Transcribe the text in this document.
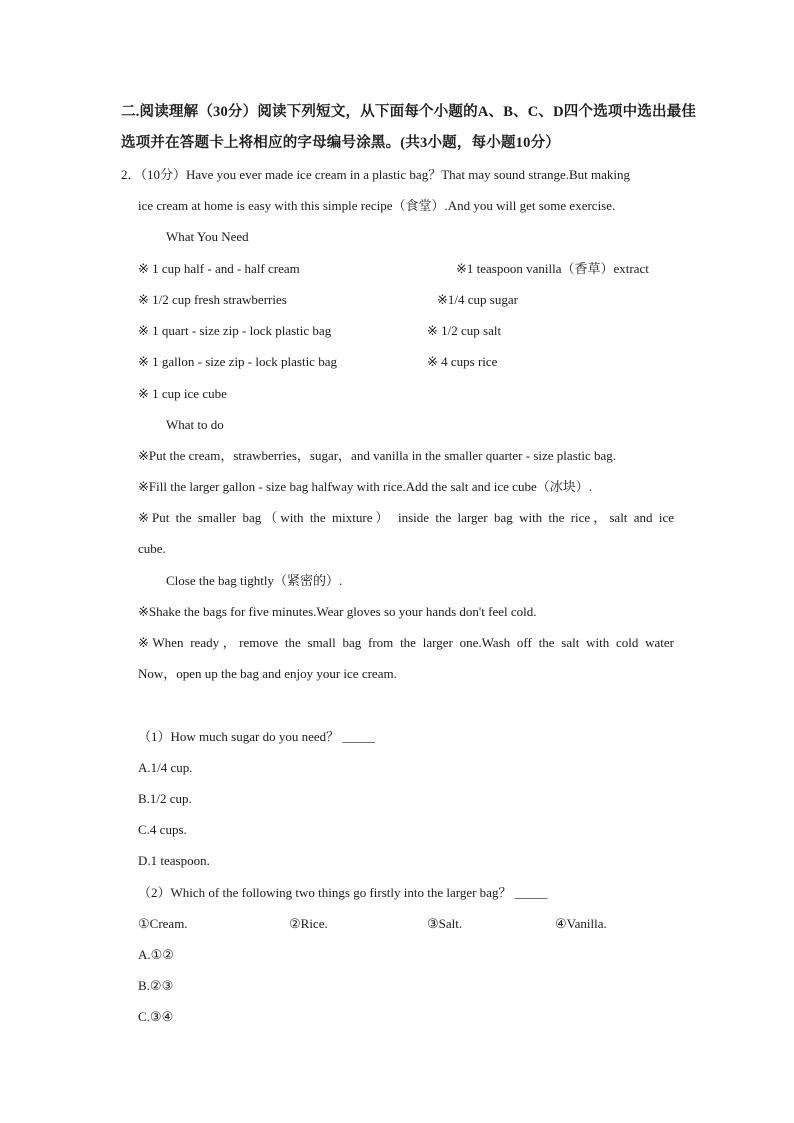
二.阅读理解（30分）阅读下列短文，从下面每个小题的A、B、C、D四个选项中选出最佳
选项并在答题卡上将相应的字母编号涂黑。(共3小题，每小题10分）
2．（10分）Have you ever made ice cream in a plastic bag？That may sound strange.But making
ice cream at home is easy with this simple recipe（食堂）.And you will get some exercise.
What You Need
※ 1 cup half - and - half cream	※1 teaspoon vanilla（香草）extract
※ 1/2 cup fresh strawberries	※1/4 cup sugar
※ 1 quart - size zip - lock plastic bag	※ 1/2 cup salt
※ 1 gallon - size zip - lock plastic bag	※ 4 cups rice
※ 1 cup ice cube
What to do
※Put the cream，strawberries，sugar，and vanilla in the smaller quarter - size plastic bag.
※Fill the larger gallon - size bag halfway with rice.Add the salt and ice cube（冰块）.
※Put the smaller bag（with the mixture） inside the larger bag with the rice，salt and ice
cube.
Close the bag tightly（紧密的）.
※Shake the bags for five minutes.Wear gloves so your hands don't feel cold.
※When ready，remove the small bag from the larger one.Wash off the salt with cold water
Now，open up the bag and enjoy your ice cream.
（1）How much sugar do you need？ _____
A.1/4 cup.
B.1/2 cup.
C.4 cups.
D.1 teaspoon.
（2）Which of the following two things go firstly into the larger bag？ _____
①Cream.	②Rice.	③Salt.	④Vanilla.
A.①②
B.②③
C.③④
